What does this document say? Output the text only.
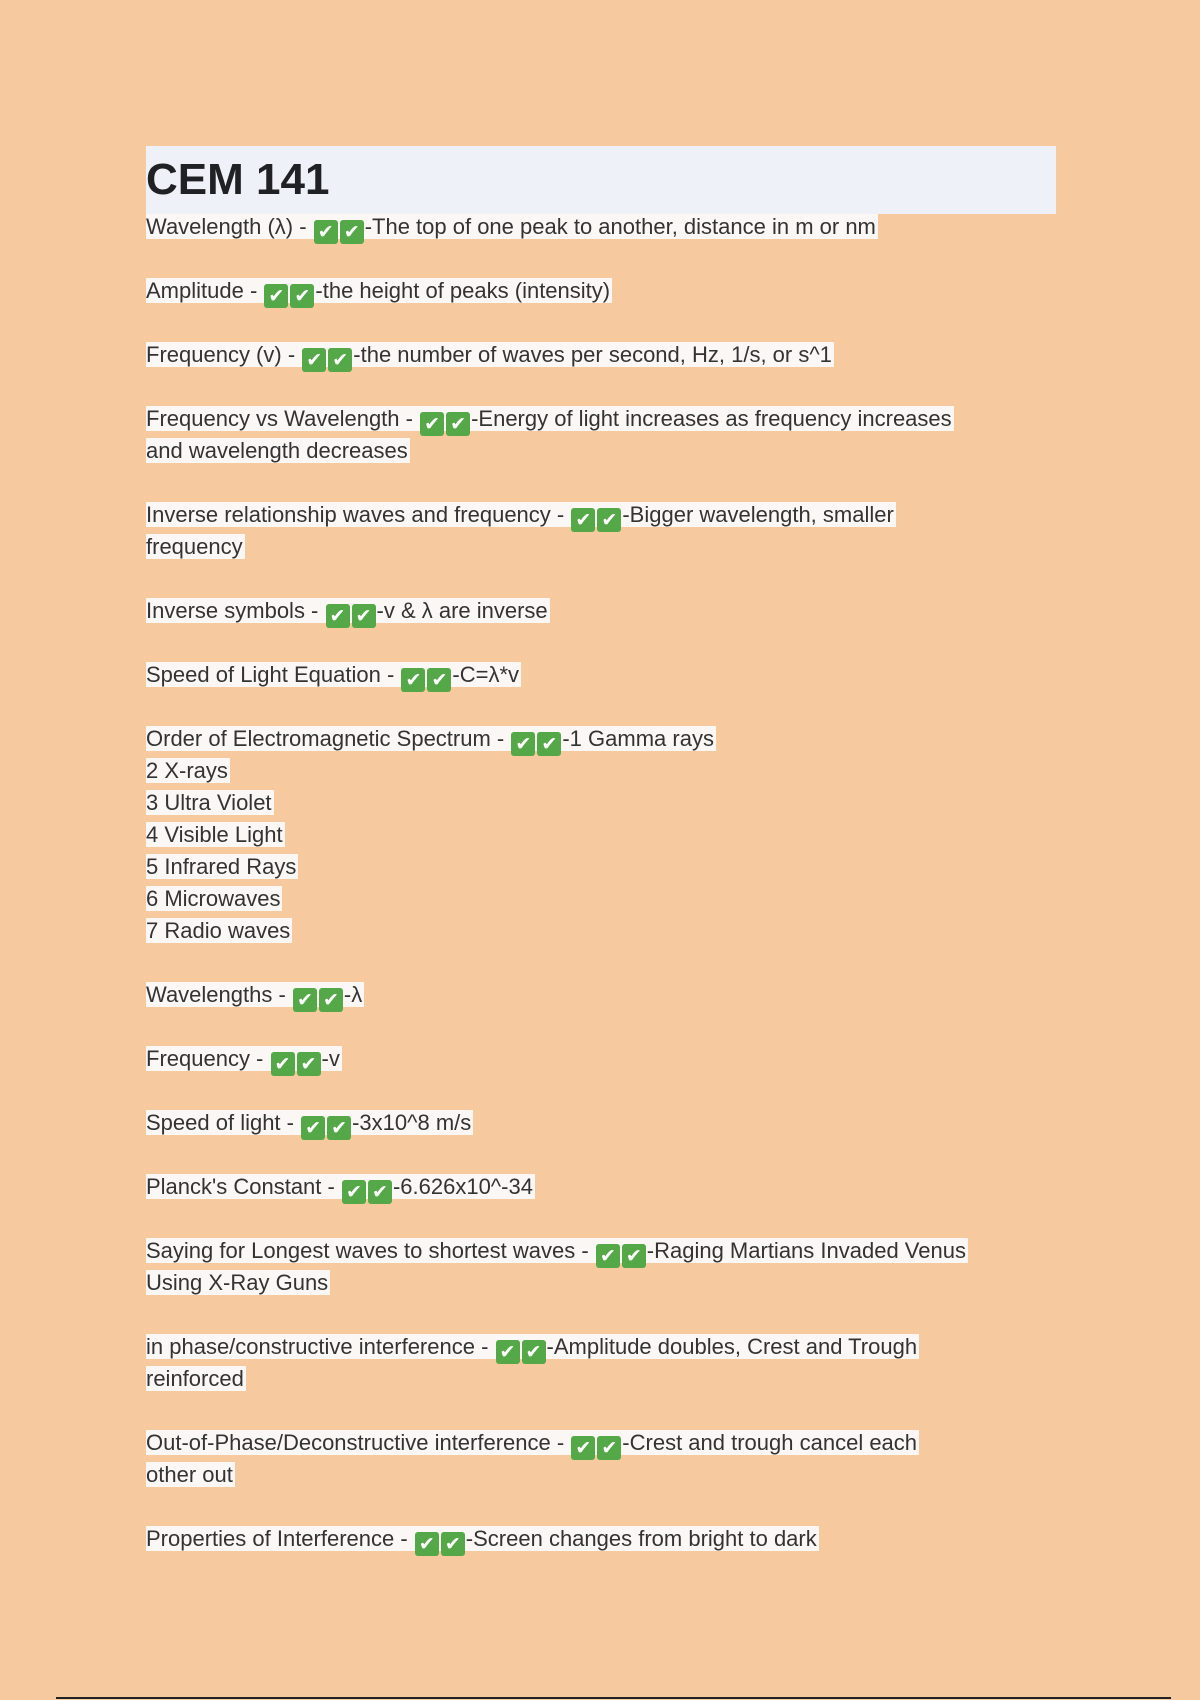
CEM 141
Wavelength (λ) - ✔ ✔ -The top of one peak to another, distance in m or nm
Amplitude - ✔ ✔ -the height of peaks (intensity)
Frequency (v) - ✔ ✔ -the number of waves per second, Hz, 1/s, or s^1
Frequency vs Wavelength - ✔ ✔ -Energy of light increases as frequency increases
and wavelength decreases
Inverse relationship waves and frequency - ✔ ✔ -Bigger wavelength, smaller
frequency
Inverse symbols - ✔ ✔ -v & λ are inverse
Speed of Light Equation - ✔ ✔ -C=λ*v
Order of Electromagnetic Spectrum - ✔ ✔ -1 Gamma rays
2 X-rays
3 Ultra Violet
4 Visible Light
5 Infrared Rays
6 Microwaves
7 Radio waves
Wavelengths - ✔ ✔ -λ
Frequency - ✔ ✔ -v
Speed of light - ✔ ✔ -3x10^8 m/s
Planck's Constant - ✔ ✔ -6.626x10^-34
Saying for Longest waves to shortest waves - ✔ ✔ -Raging Martians Invaded Venus
Using X-Ray Guns
in phase/constructive interference - ✔ ✔ -Amplitude doubles, Crest and Trough
reinforced
Out-of-Phase/Deconstructive interference - ✔ ✔ -Crest and trough cancel each
other out
Properties of Interference - ✔ ✔ -Screen changes from bright to dark
